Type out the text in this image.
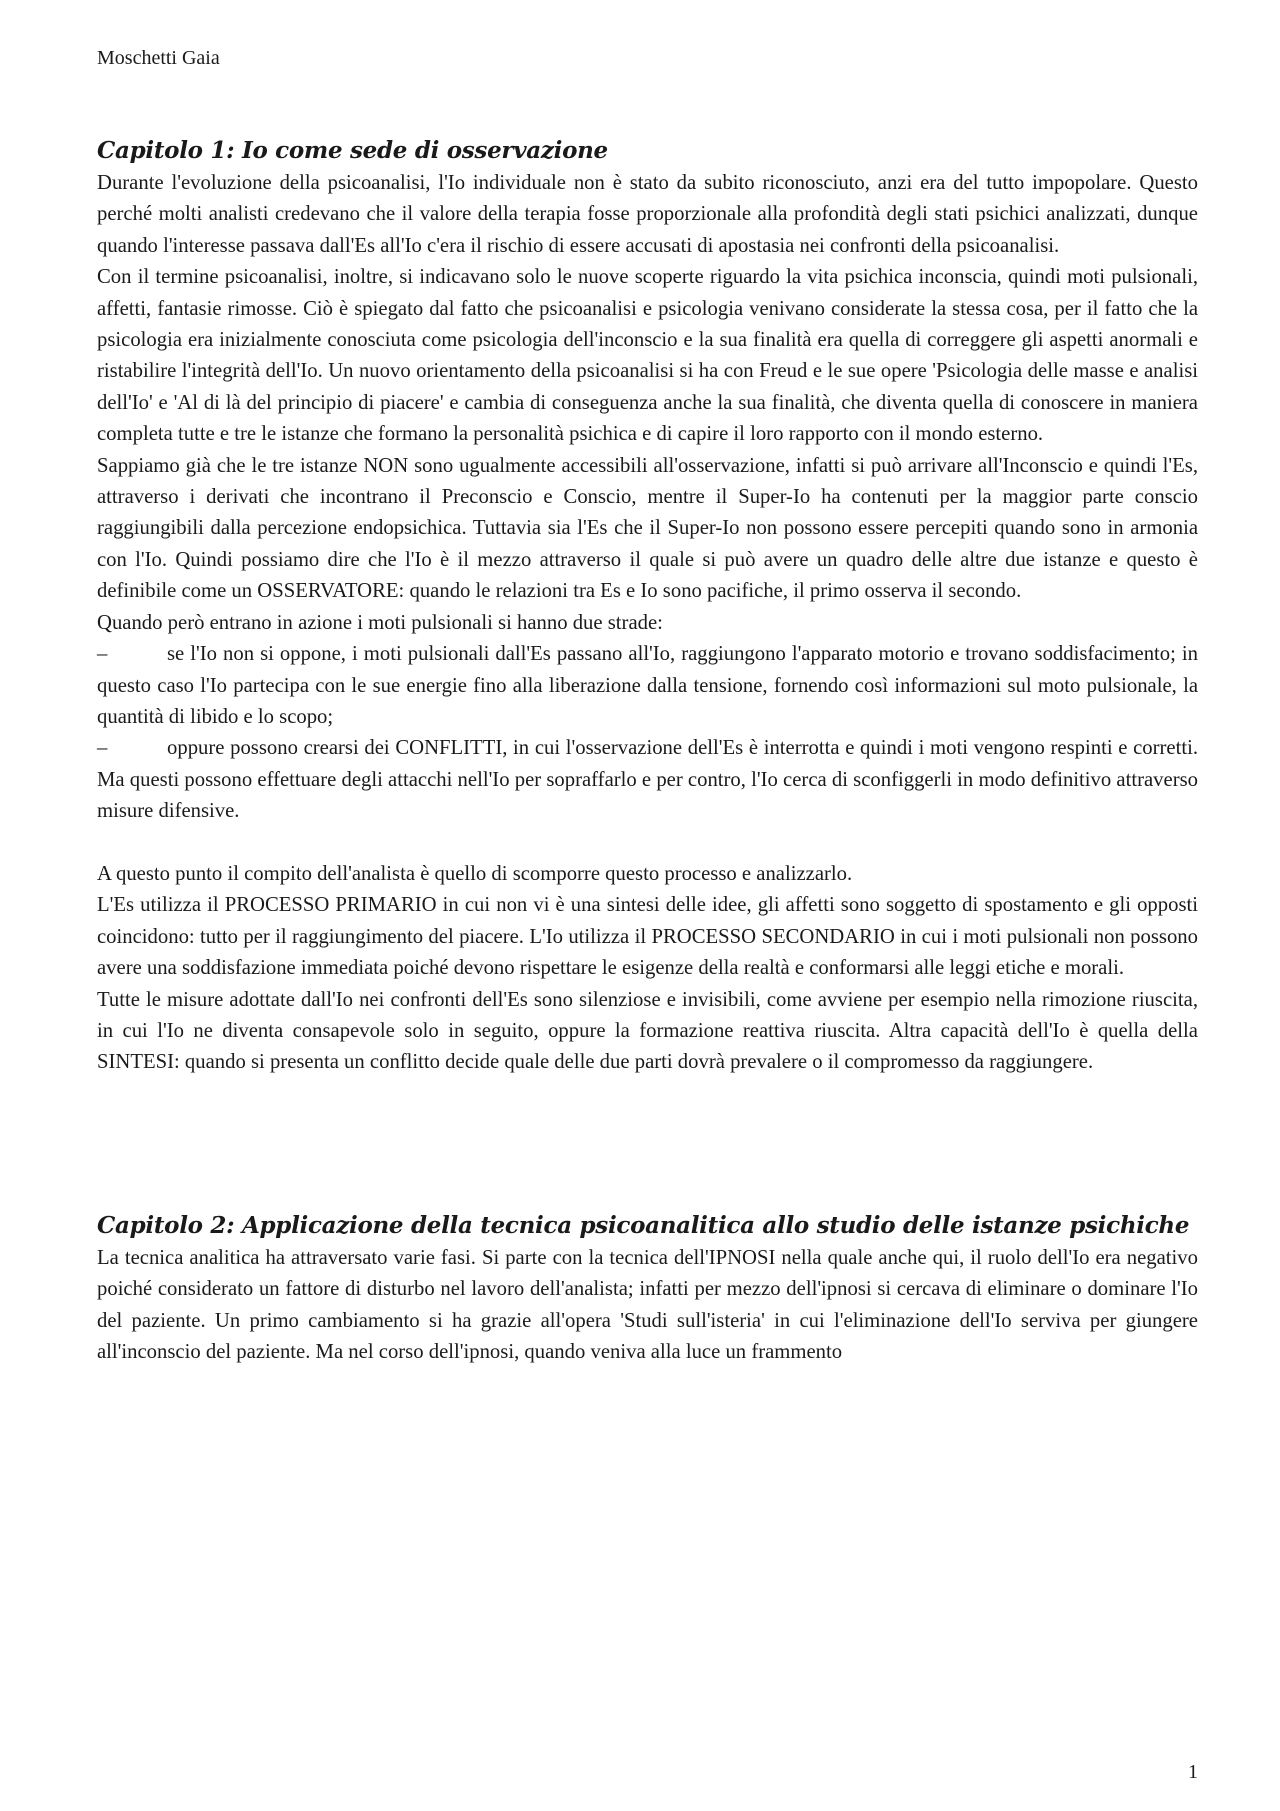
Moschetti Gaia

Capitolo 1: Io come sede di osservazione

Durante l'evoluzione della psicoanalisi, l'Io individuale non è stato da subito riconosciuto, anzi era del tutto impopolare. Questo perché molti analisti credevano che il valore della terapia fosse proporzionale alla profondità degli stati psichici analizzati, dunque quando l'interesse passava dall'Es all'Io c'era il rischio di essere accusati di apostasia nei confronti della psicoanalisi.

Con il termine psicoanalisi, inoltre, si indicavano solo le nuove scoperte riguardo la vita psichica inconscia, quindi moti pulsionali, affetti, fantasie rimosse. Ciò è spiegato dal fatto che psicoanalisi e psicologia venivano considerate la stessa cosa, per il fatto che la psicologia era inizialmente conosciuta come psicologia dell'inconscio e la sua finalità era quella di correggere gli aspetti anormali e ristabilire l'integrità dell'Io. Un nuovo orientamento della psicoanalisi si ha con Freud e le sue opere 'Psicologia delle masse e analisi dell'Io' e 'Al di là del principio di piacere' e cambia di conseguenza anche la sua finalità, che diventa quella di conoscere in maniera completa tutte e tre le istanze che formano la personalità psichica e di capire il loro rapporto con il mondo esterno.

Sappiamo già che le tre istanze NON sono ugualmente accessibili all'osservazione, infatti si può arrivare all'Inconscio e quindi l'Es, attraverso i derivati che incontrano il Preconscio e Conscio, mentre il Super-Io ha contenuti per la maggior parte conscio raggiungibili dalla percezione endopsichica. Tuttavia sia l'Es che il Super-Io non possono essere percepiti quando sono in armonia con l'Io. Quindi possiamo dire che l'Io è il mezzo attraverso il quale si può avere un quadro delle altre due istanze e questo è definibile come un OSSERVATORE: quando le relazioni tra Es e Io sono pacifiche, il primo osserva il secondo.

Quando però entrano in azione i moti pulsionali si hanno due strade:

–	se l'Io non si oppone, i moti pulsionali dall'Es passano all'Io, raggiungono l'apparato motorio e trovano soddisfacimento; in questo caso l'Io partecipa con le sue energie fino alla liberazione dalla tensione, fornendo così informazioni sul moto pulsionale, la quantità di libido e lo scopo;

–	oppure possono crearsi dei CONFLITTI, in cui l'osservazione dell'Es è interrotta e quindi i moti vengono respinti e corretti. Ma questi possono effettuare degli attacchi nell'Io per sopraffarlo e per contro, l'Io cerca di sconfiggerli in modo definitivo attraverso misure difensive.

A questo punto il compito dell'analista è quello di scomporre questo processo e analizzarlo.

L'Es utilizza il PROCESSO PRIMARIO in cui non vi è una sintesi delle idee, gli affetti sono soggetto di spostamento e gli opposti coincidono: tutto per il raggiungimento del piacere. L'Io utilizza il PROCESSO SECONDARIO in cui i moti pulsionali non possono avere una soddisfazione immediata poiché devono rispettare le esigenze della realtà e conformarsi alle leggi etiche e morali.

Tutte le misure adottate dall'Io nei confronti dell'Es sono silenziose e invisibili, come avviene per esempio nella rimozione riuscita, in cui l'Io ne diventa consapevole solo in seguito, oppure la formazione reattiva riuscita. Altra capacità dell'Io è quella della SINTESI: quando si presenta un conflitto decide quale delle due parti dovrà prevalere o il compromesso da raggiungere.

Capitolo 2: Applicazione della tecnica psicoanalitica allo studio delle istanze psichiche

La tecnica analitica ha attraversato varie fasi. Si parte con la tecnica dell'IPNOSI nella quale anche qui, il ruolo dell'Io era negativo poiché considerato un fattore di disturbo nel lavoro dell'analista; infatti per mezzo dell'ipnosi si cercava di eliminare o dominare l'Io del paziente. Un primo cambiamento si ha grazie all'opera 'Studi sull'isteria' in cui l'eliminazione dell'Io serviva per giungere all'inconscio del paziente. Ma nel corso dell'ipnosi, quando veniva alla luce un frammento

1
